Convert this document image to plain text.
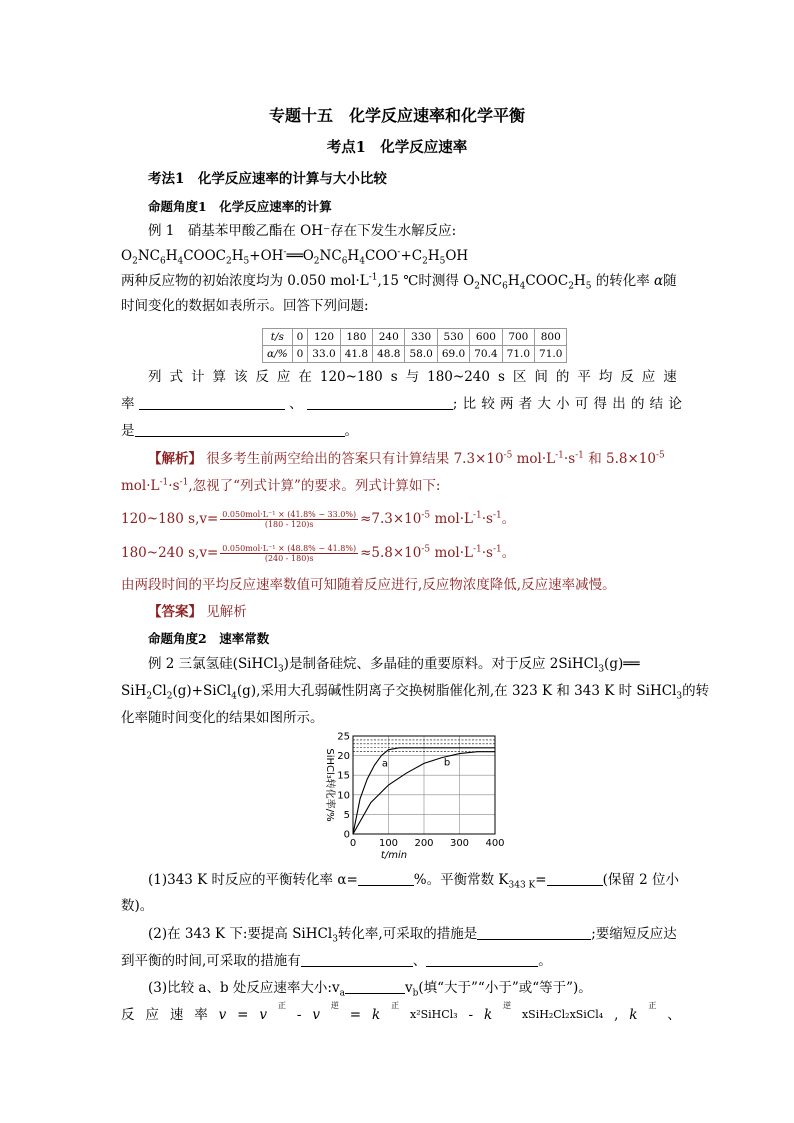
专题十五　化学反应速率和化学平衡
考点1　化学反应速率
考法1　化学反应速率的计算与大小比较
命题角度1　化学反应速率的计算
例 1　硝基苯甲酸乙酯在 OH⁻存在下发生水解反应:
$O_2NC_6H_4COOC_2H_5+OH^-══O_2NC_6H_4COO^-+C_2H_5OH$
两种反应物的初始浓度均为 0.050 $mol\cdot L^{-1},15$ ℃时测得 $O_2NC_6H_4COOC_2H_5$ 的转化率 α随
时间变化的数据如表所示。回答下列问题:
t/s	0	120	180	240	330	530	600	700	800
α/%	0	33.0	41.8	48.8	58.0	69.0	70.4	71.0	71.0
列 式 计 算 该 反 应 在 120~180 s 与 180~240 s 区 间 的 平 均 反 应 速
率	、	;比较两者大小可得出的结论
是	。
【解析】 很多考生前两空给出的答案只有计算结果 $7.3\times 10^{-5}$ $mol\cdot L^{-1}\cdot s^{-1}$ 和 $5.8\times 10^{-5}$
$mol\cdot L^{-1}\cdot s^{-1}$,忽视了“列式计算”的要求。列式计算如下:
120~180 $s,v= \frac{\text{0.050mol·L⁻¹ × (41.8\% − 33.0\%)}}{(180 - 120)s} \approx 7.3\times 10^{-5}$ $mol\cdot L^{-1}\cdot s^{-1}$。
180~240 $s,v= \frac{\text{0.050mol·L⁻¹ × (48.8\% − 41.8\%)}}{(240 - 180)s} \approx 5.8\times 10^{-5}$ $mol\cdot L^{-1}\cdot s^{-1}$。
由两段时间的平均反应速率数值可知随着反应进行,反应物浓度降低,反应速率减慢。
【答案】 见解析
命题角度2　速率常数
例 2 三氯氢硅(SiHCl$_3$)是制备硅烷、多晶硅的重要原料。对于反应 2SiHCl$_3$(g)══
$SiH_2Cl_2(g)+SiCl_4(g)$,采用大孔弱碱性阴离子交换树脂催化剂,在 323 K 和 343 K 时 SiHCl$_3$的转
化率随时间变化的结果如图所示。
a	b
0 100 200 300 400
0
5
10
15
20
25
t/min
SiHCl₃转化率/%
(1)343 K 时反应的平衡转化率 α=	%。平衡常数 $K_{343 K}=$	(保留 2 位小
数)。
(2)在 343 K 下:要提高 SiHCl$_3$转化率,可采取的措施是	;要缩短反应达
到平衡的时间,可采取的措施有	、	。
(3)比较 a、b 处反应速率大小$:v_a$	$v_b$(填“大于”“小于”或“等于”)。
反 应 速 率 v = v
正
- v
逆
= k
正
x²SiHCl₃ - k
逆
xSiH₂Cl₂xSiCl₄ , k
正
、
